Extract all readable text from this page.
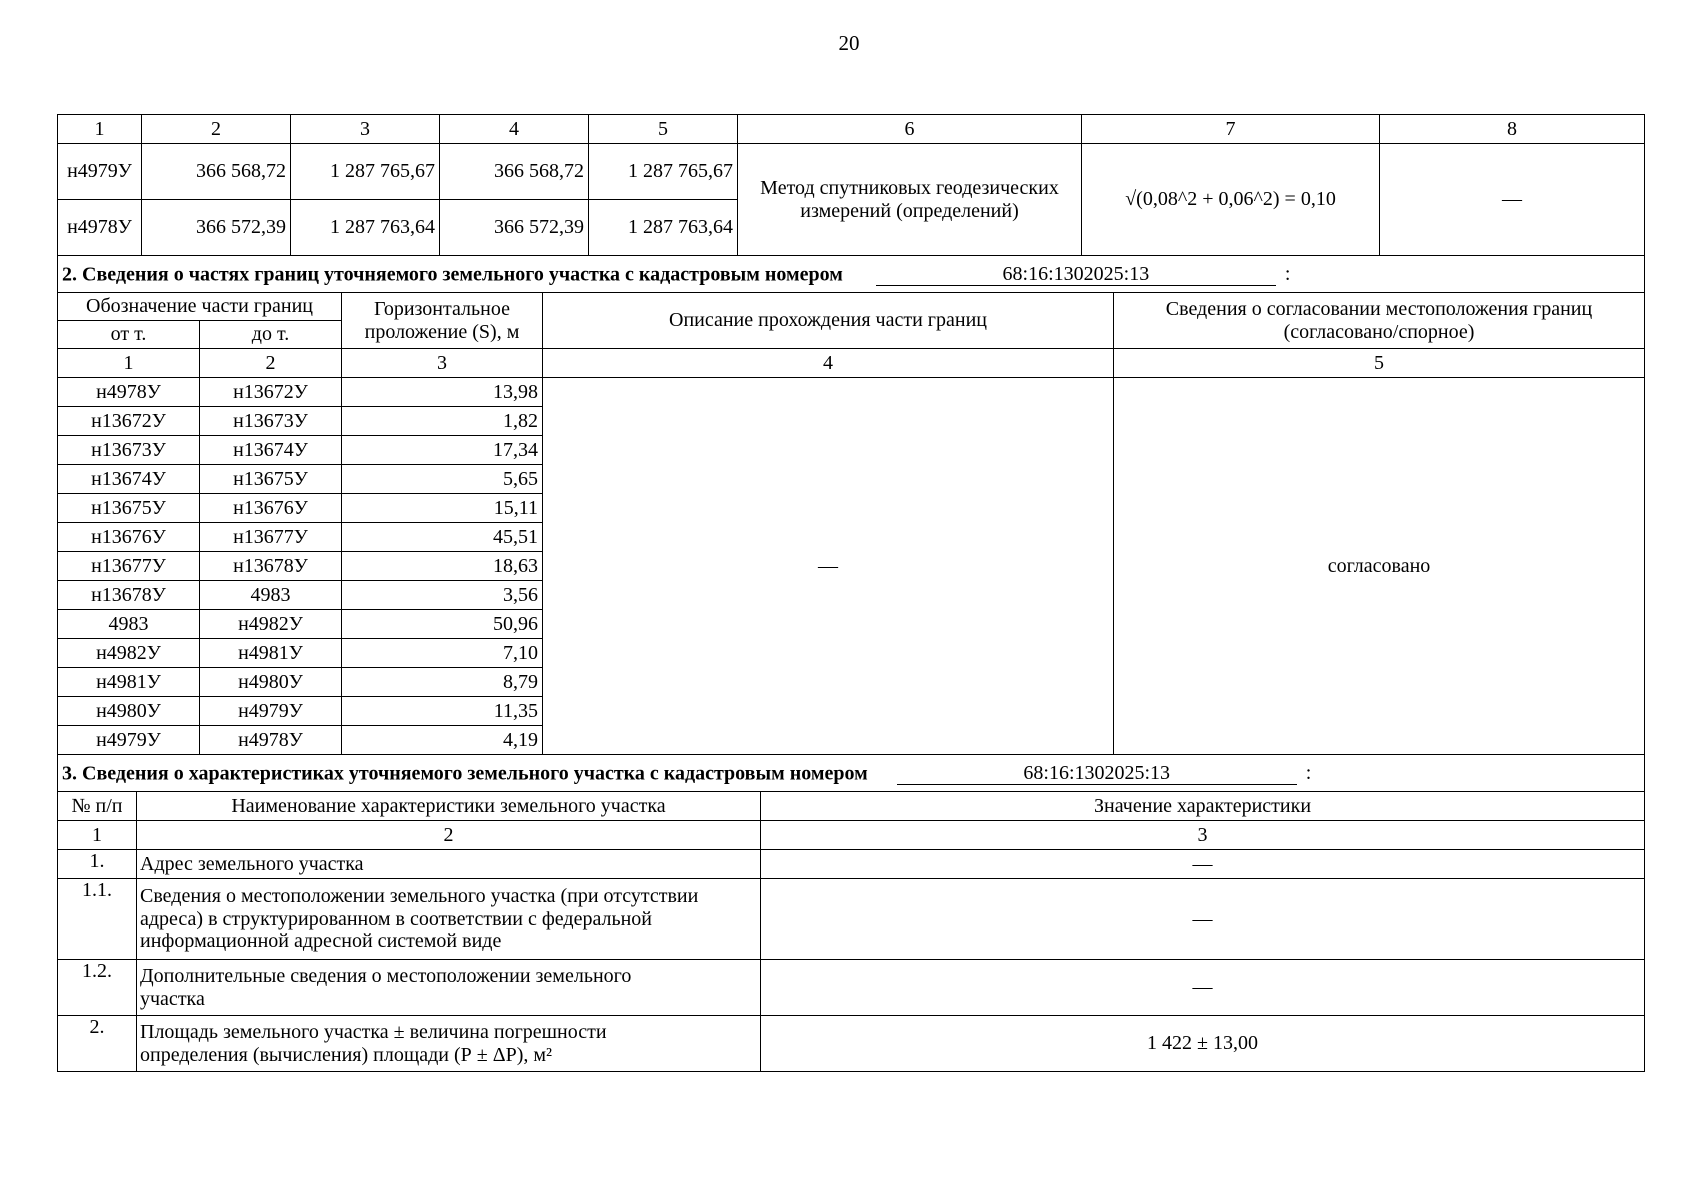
20
1	2	3	4	5	6	7	8
н4979У	366 568,72	1 287 765,67	366 568,72	1 287 765,67	Метод спутниковых геодезических измерений (определений)	√(0,08^2 + 0,06^2) = 0,10	—
н4978У	366 572,39	1 287 763,64	366 572,39	1 287 763,64			
2. Сведения о частях границ уточняемого земельного участка с кадастровым номером 68:16:1302025:13 :				
Обозначение части границ		Горизонтальное проложение (S), м	Описание прохождения части границ	Сведения о согласовании местоположения границ (согласовано/спорное)
от т.	до т.			
1	2	3	4	5
н4978У	н13672У	13,98	—	согласовано
н13672У	н13673У	1,82		
н13673У	н13674У	17,34		
н13674У	н13675У	5,65		
н13675У	н13676У	15,11		
н13676У	н13677У	45,51		
н13677У	н13678У	18,63		
н13678У	4983	3,56		
4983	н4982У	50,96		
н4982У	н4981У	7,10		
н4981У	н4980У	8,79		
н4980У	н4979У	11,35		
н4979У	н4978У	4,19		
3. Сведения о характеристиках уточняемого земельного участка с кадастровым номером 68:16:1302025:13 :		
№ п/п	Наименование характеристики земельного участка	Значение характеристики
1	2	3
1.	Адрес земельного участка	—
1.1.	Сведения о местоположении земельного участка (при отсутствии адреса) в структурированном в соответствии с федеральной информационной адресной системой виде	—
1.2.	Дополнительные сведения о местоположении земельного участка	—
2.	Площадь земельного участка ± величина погрешности определения (вычисления) площади (Р ± ΔР), м²	1 422 ± 13,00
